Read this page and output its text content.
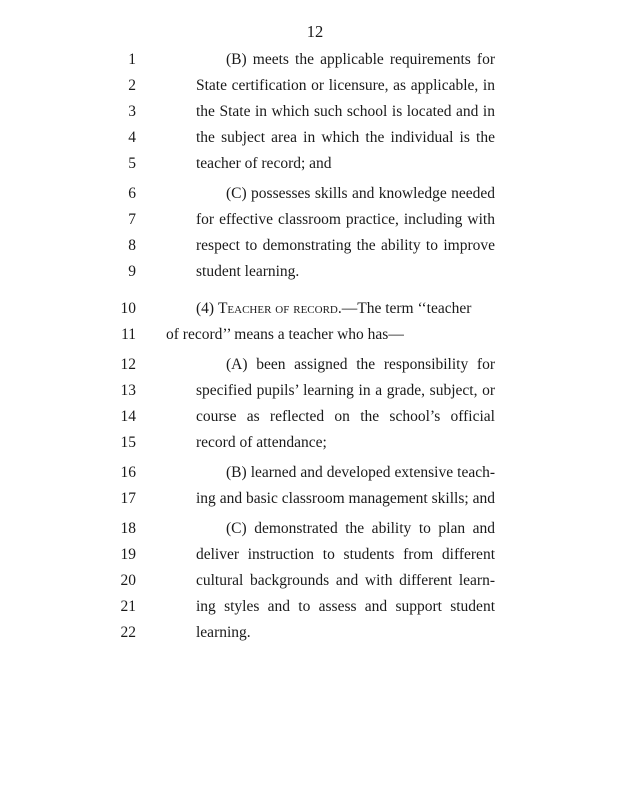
12
1	(B) meets the applicable requirements for
2	State certification or licensure, as applicable, in
3	the State in which such school is located and in
4	the subject area in which the individual is the
5	teacher of record; and
6	(C) possesses skills and knowledge needed
7	for effective classroom practice, including with
8	respect to demonstrating the ability to improve
9	student learning.
10	(4) Teacher of record.—The term ‘‘teacher
11 of record’’ means a teacher who has—
12	(A) been assigned the responsibility for
13	specified pupils’ learning in a grade, subject, or
14	course as reflected on the school’s official
15	record of attendance;
16	(B) learned and developed extensive teach-
17	ing and basic classroom management skills; and
18	(C) demonstrated the ability to plan and
19	deliver instruction to students from different
20	cultural backgrounds and with different learn-
21	ing styles and to assess and support student
22	learning.
